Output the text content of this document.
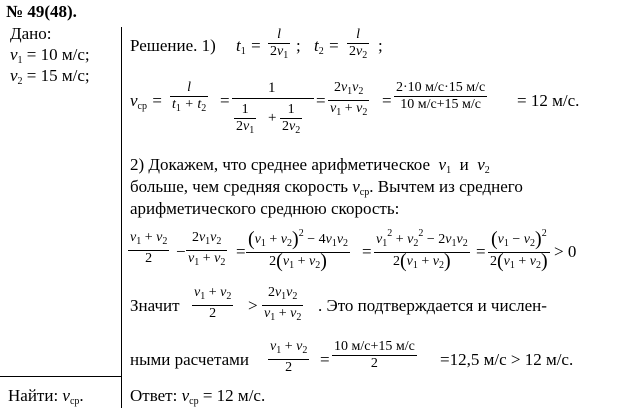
№ 49(48).
Дано:
$v_1 = 10$ м/с;
$v_2 = 15$ м/с;
Найти: $v_{ср}$.
Решение. 1) $t_1$ =
l
$2v_1$
; $t_2$ =
l
$2v_2$
;
$v_{cp}$ =
l
$t_1 + t_2$ =
1
1
$2v_1$
+
1
$2v_2$
=
$2v_1v_2$
$v_1 + v_2$
=
2·10 м/с·15 м/с
10 м/с+15 м/с = 12 м/с.
2) Докажем, что среднее арифметическое $v_1$ и $v_2$
больше, чем средняя скорость $v_{ср}$. Вычтем из среднего
арифметического среднюю скорость:
$v_1 + v_2$
2 −
$2v_1v_2$
$v_1 + v_2$
=
$(v_1 + v_2)^2 - 4v_1v_2$
$2(v_1 + v_2)$ =
$v_1^2 + v_2^2 - 2v_1v_2$
$2(v_1 + v_2)$ =
$(v_1 - v_2)^2$
$2(v_1 + v_2) > 0$
Значит
$v_1 + v_2$
2 >
$2v_1v_2$
$v_1 + v_2$
. Это подтверждается и числен-
ными расчетами
$v_1 + v_2$
2 =
10 м/с+15 м/с
2	=12,5 м/с > 12 м/с.
Ответ: $v_{ср} = 12$ м/с.
